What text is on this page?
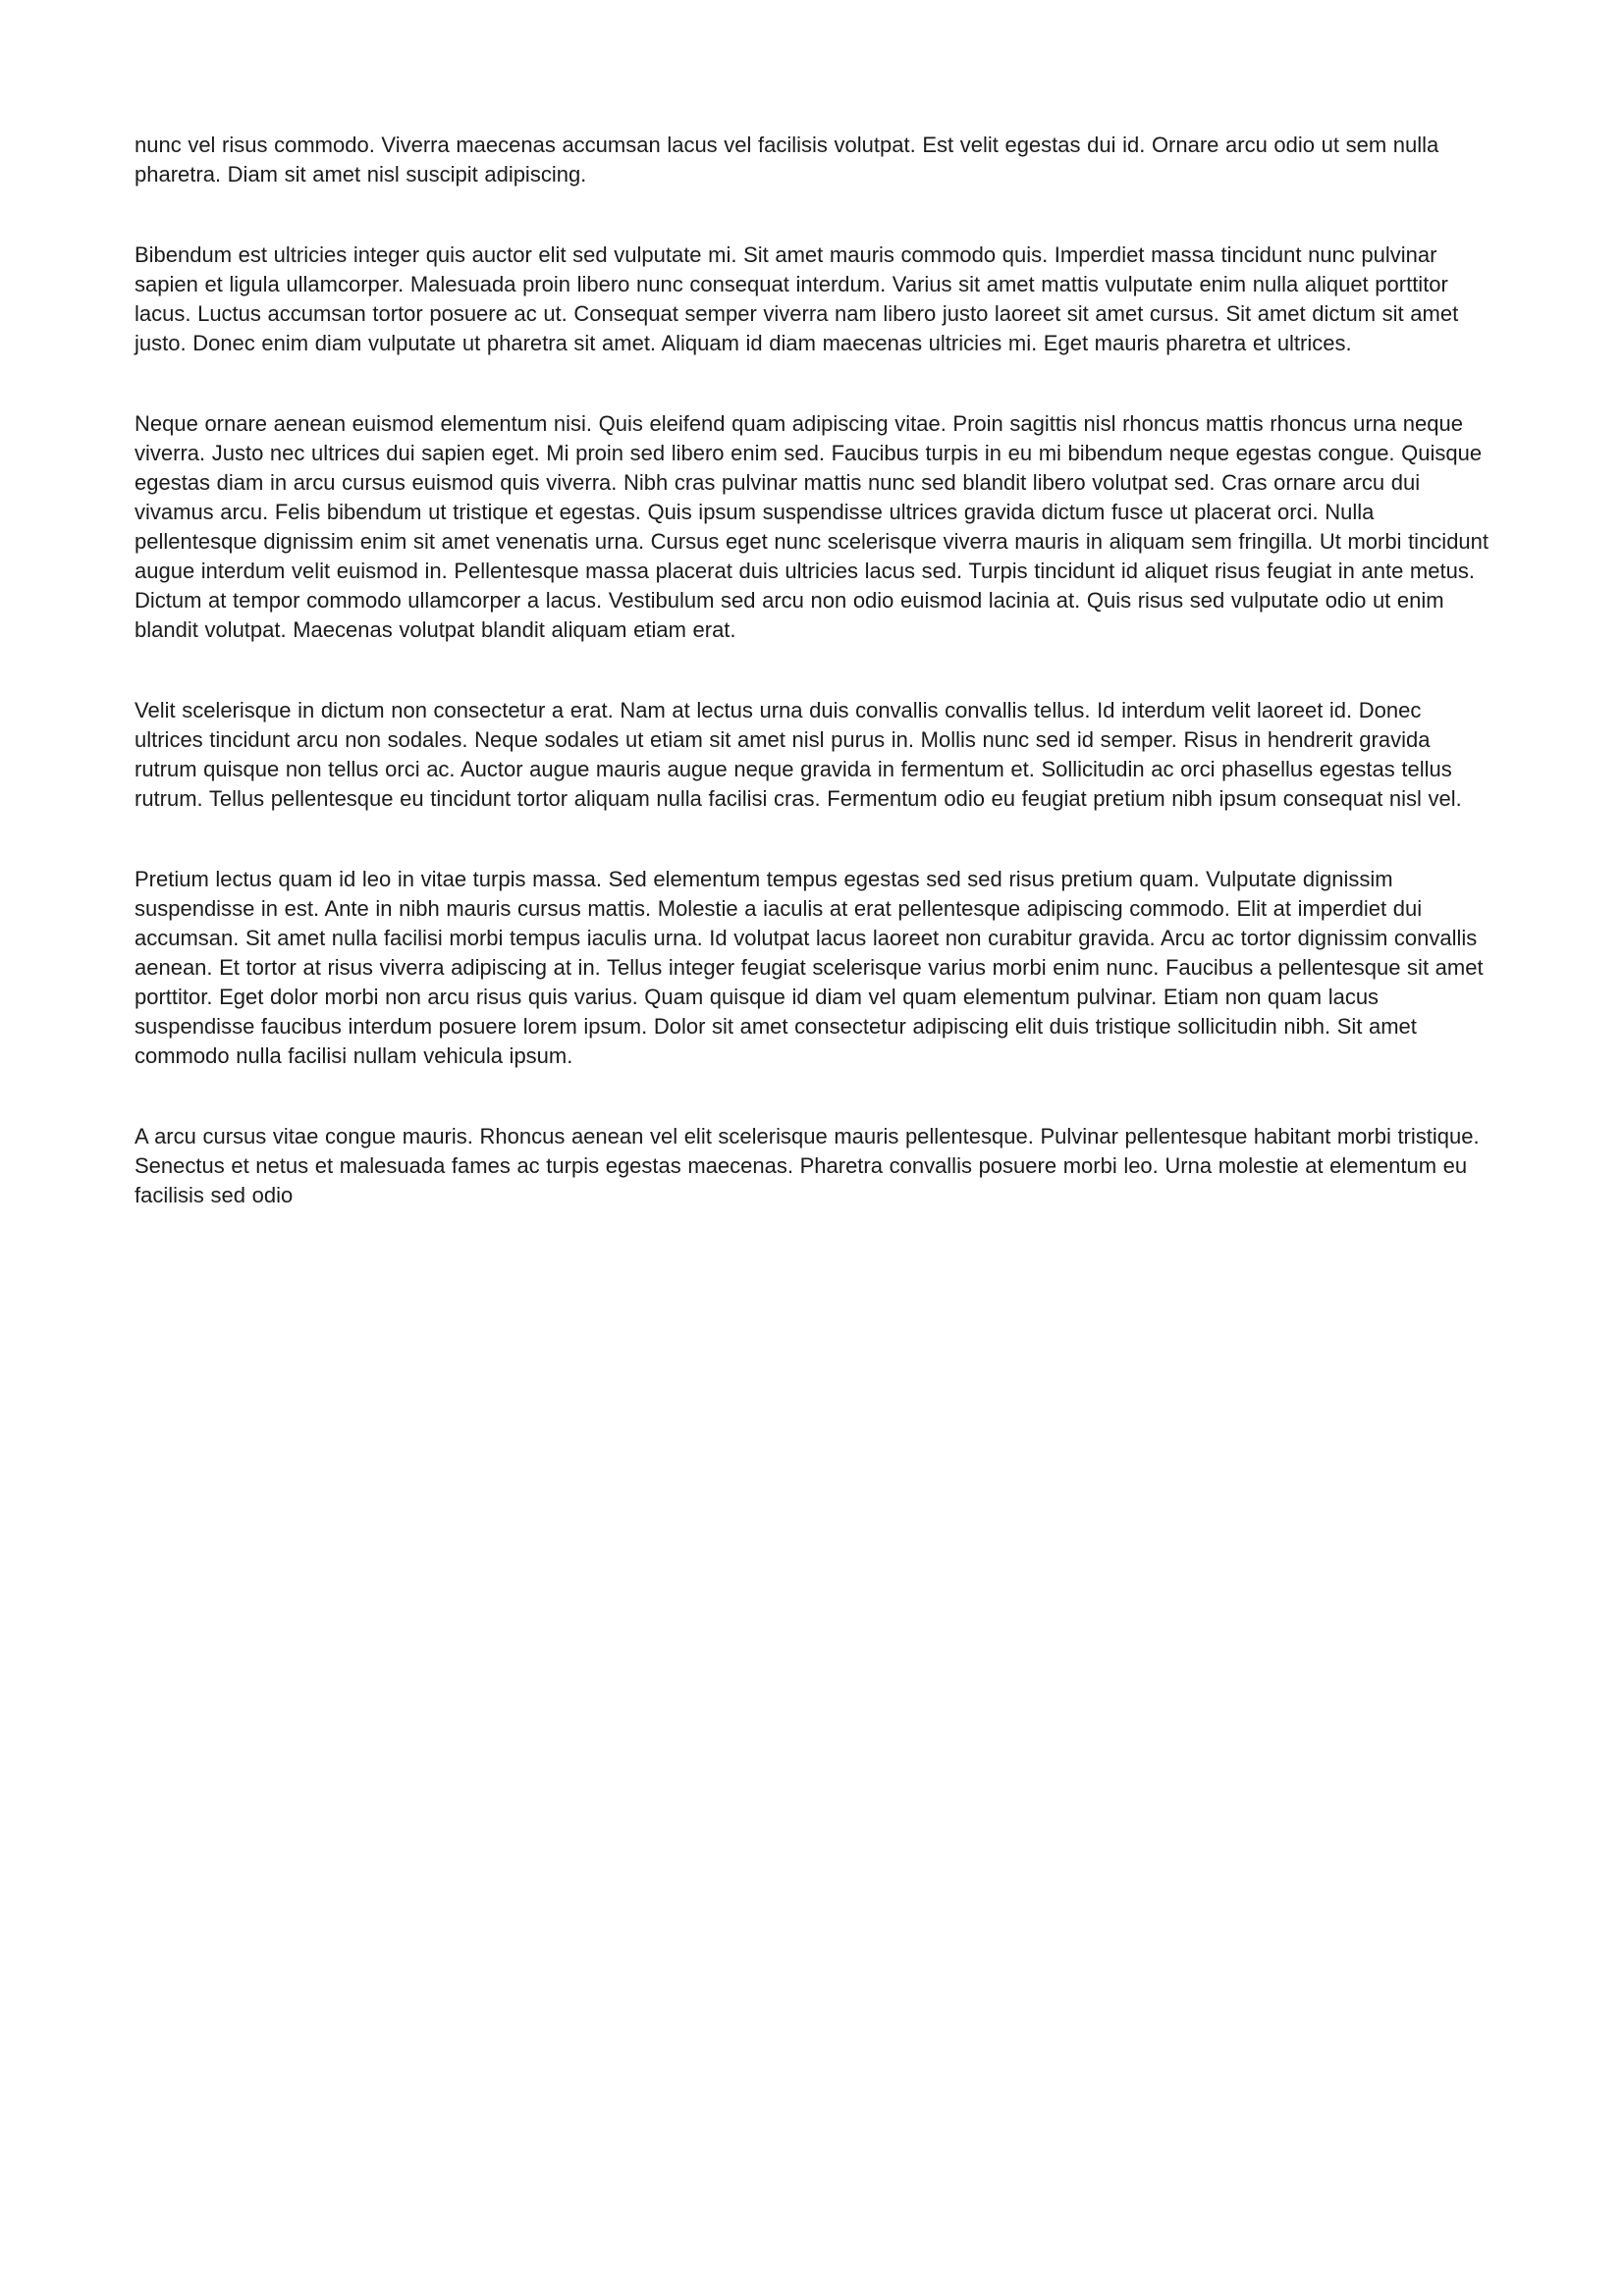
nunc vel risus commodo. Viverra maecenas accumsan lacus vel facilisis volutpat. Est velit egestas dui id. Ornare arcu odio ut sem nulla pharetra. Diam sit amet nisl suscipit adipiscing.

Bibendum est ultricies integer quis auctor elit sed vulputate mi. Sit amet mauris commodo quis. Imperdiet massa tincidunt nunc pulvinar sapien et ligula ullamcorper. Malesuada proin libero nunc consequat interdum. Varius sit amet mattis vulputate enim nulla aliquet porttitor lacus. Luctus accumsan tortor posuere ac ut. Consequat semper viverra nam libero justo laoreet sit amet cursus. Sit amet dictum sit amet justo. Donec enim diam vulputate ut pharetra sit amet. Aliquam id diam maecenas ultricies mi. Eget mauris pharetra et ultrices.

Neque ornare aenean euismod elementum nisi. Quis eleifend quam adipiscing vitae. Proin sagittis nisl rhoncus mattis rhoncus urna neque viverra. Justo nec ultrices dui sapien eget. Mi proin sed libero enim sed. Faucibus turpis in eu mi bibendum neque egestas congue. Quisque egestas diam in arcu cursus euismod quis viverra. Nibh cras pulvinar mattis nunc sed blandit libero volutpat sed. Cras ornare arcu dui vivamus arcu. Felis bibendum ut tristique et egestas. Quis ipsum suspendisse ultrices gravida dictum fusce ut placerat orci. Nulla pellentesque dignissim enim sit amet venenatis urna. Cursus eget nunc scelerisque viverra mauris in aliquam sem fringilla. Ut morbi tincidunt augue interdum velit euismod in. Pellentesque massa placerat duis ultricies lacus sed. Turpis tincidunt id aliquet risus feugiat in ante metus. Dictum at tempor commodo ullamcorper a lacus. Vestibulum sed arcu non odio euismod lacinia at. Quis risus sed vulputate odio ut enim blandit volutpat. Maecenas volutpat blandit aliquam etiam erat.

Velit scelerisque in dictum non consectetur a erat. Nam at lectus urna duis convallis convallis tellus. Id interdum velit laoreet id. Donec ultrices tincidunt arcu non sodales. Neque sodales ut etiam sit amet nisl purus in. Mollis nunc sed id semper. Risus in hendrerit gravida rutrum quisque non tellus orci ac. Auctor augue mauris augue neque gravida in fermentum et. Sollicitudin ac orci phasellus egestas tellus rutrum. Tellus pellentesque eu tincidunt tortor aliquam nulla facilisi cras. Fermentum odio eu feugiat pretium nibh ipsum consequat nisl vel.

Pretium lectus quam id leo in vitae turpis massa. Sed elementum tempus egestas sed sed risus pretium quam. Vulputate dignissim suspendisse in est. Ante in nibh mauris cursus mattis. Molestie a iaculis at erat pellentesque adipiscing commodo. Elit at imperdiet dui accumsan. Sit amet nulla facilisi morbi tempus iaculis urna. Id volutpat lacus laoreet non curabitur gravida. Arcu ac tortor dignissim convallis aenean. Et tortor at risus viverra adipiscing at in. Tellus integer feugiat scelerisque varius morbi enim nunc. Faucibus a pellentesque sit amet porttitor. Eget dolor morbi non arcu risus quis varius. Quam quisque id diam vel quam elementum pulvinar. Etiam non quam lacus suspendisse faucibus interdum posuere lorem ipsum. Dolor sit amet consectetur adipiscing elit duis tristique sollicitudin nibh. Sit amet commodo nulla facilisi nullam vehicula ipsum.

A arcu cursus vitae congue mauris. Rhoncus aenean vel elit scelerisque mauris pellentesque. Pulvinar pellentesque habitant morbi tristique. Senectus et netus et malesuada fames ac turpis egestas maecenas. Pharetra convallis posuere morbi leo. Urna molestie at elementum eu facilisis sed odio
